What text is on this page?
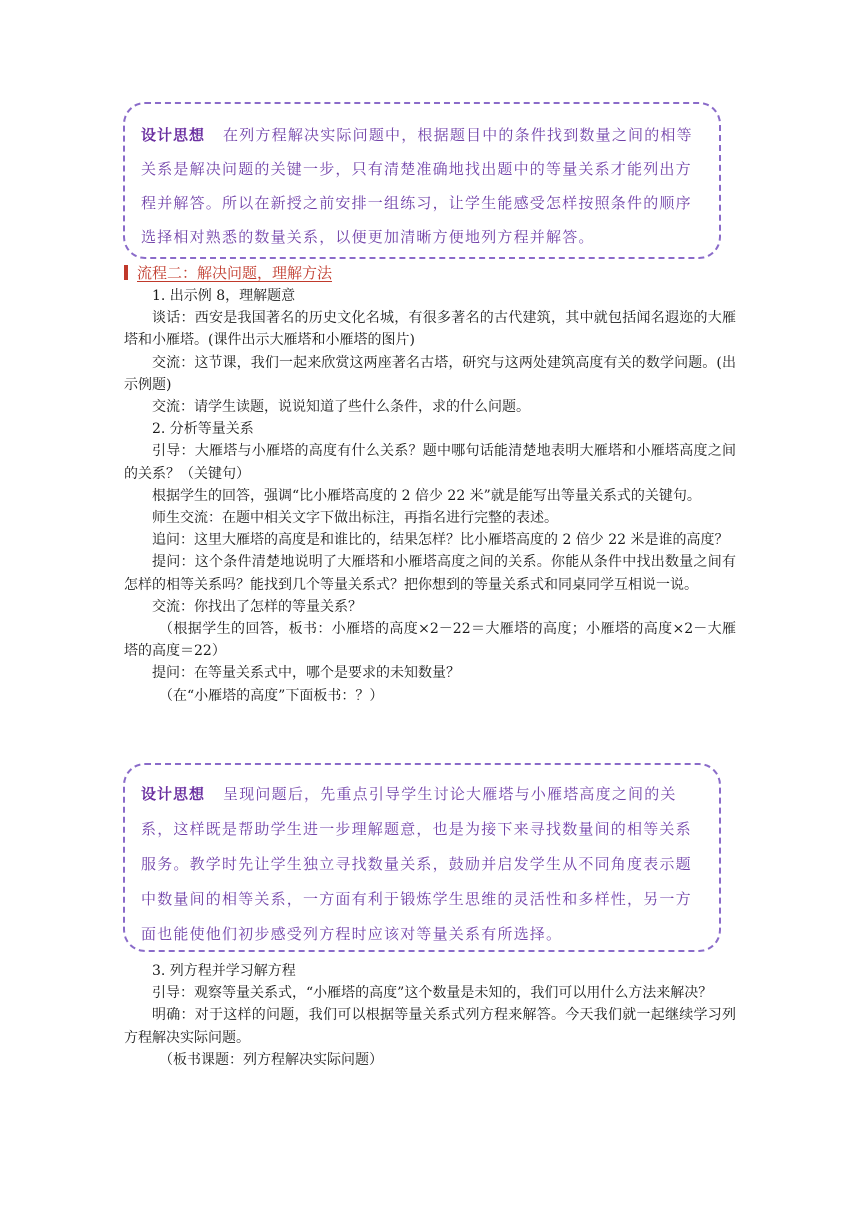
设计思想 在列方程解决实际问题中，根据题目中的条件找到数量之间的相等关系是解决问题的关键一步，只有清楚准确地找出题中的等量关系才能列出方程并解答。所以在新授之前安排一组练习，让学生能感受怎样按照条件的顺序选择相对熟悉的数量关系，以便更加清晰方便地列方程并解答。

流程二：解决问题，理解方法

1. 出示例 8，理解题意

谈话：西安是我国著名的历史文化名城，有很多著名的古代建筑，其中就包括闻名遐迩的大雁塔和小雁塔。(课件出示大雁塔和小雁塔的图片)

交流：这节课，我们一起来欣赏这两座著名古塔，研究与这两处建筑高度有关的数学问题。(出示例题)

交流：请学生读题，说说知道了些什么条件，求的什么问题。

2. 分析等量关系

引导：大雁塔与小雁塔的高度有什么关系？题中哪句话能清楚地表明大雁塔和小雁塔高度之间的关系？（关键句）

根据学生的回答，强调“比小雁塔高度的 2 倍少 22 米”就是能写出等量关系式的关键句。

师生交流：在题中相关文字下做出标注，再指名进行完整的表述。

追问：这里大雁塔的高度是和谁比的，结果怎样？比小雁塔高度的 2 倍少 22 米是谁的高度？

提问：这个条件清楚地说明了大雁塔和小雁塔高度之间的关系。你能从条件中找出数量之间有怎样的相等关系吗？能找到几个等量关系式？把你想到的等量关系式和同桌同学互相说一说。

交流：你找出了怎样的等量关系？

（根据学生的回答，板书：小雁塔的高度×2－22＝大雁塔的高度；小雁塔的高度×2－大雁塔的高度＝22）

提问：在等量关系式中，哪个是要求的未知数量？

（在“小雁塔的高度”下面板书：？）

设计思想 呈现问题后，先重点引导学生讨论大雁塔与小雁塔高度之间的关系，这样既是帮助学生进一步理解题意，也是为接下来寻找数量间的相等关系服务。教学时先让学生独立寻找数量关系，鼓励并启发学生从不同角度表示题中数量间的相等关系，一方面有利于锻炼学生思维的灵活性和多样性，另一方面也能使他们初步感受列方程时应该对等量关系有所选择。

3. 列方程并学习解方程

引导：观察等量关系式，“小雁塔的高度”这个数量是未知的，我们可以用什么方法来解决？

明确：对于这样的问题，我们可以根据等量关系式列方程来解答。今天我们就一起继续学习列方程解决实际问题。

（板书课题：列方程解决实际问题）
